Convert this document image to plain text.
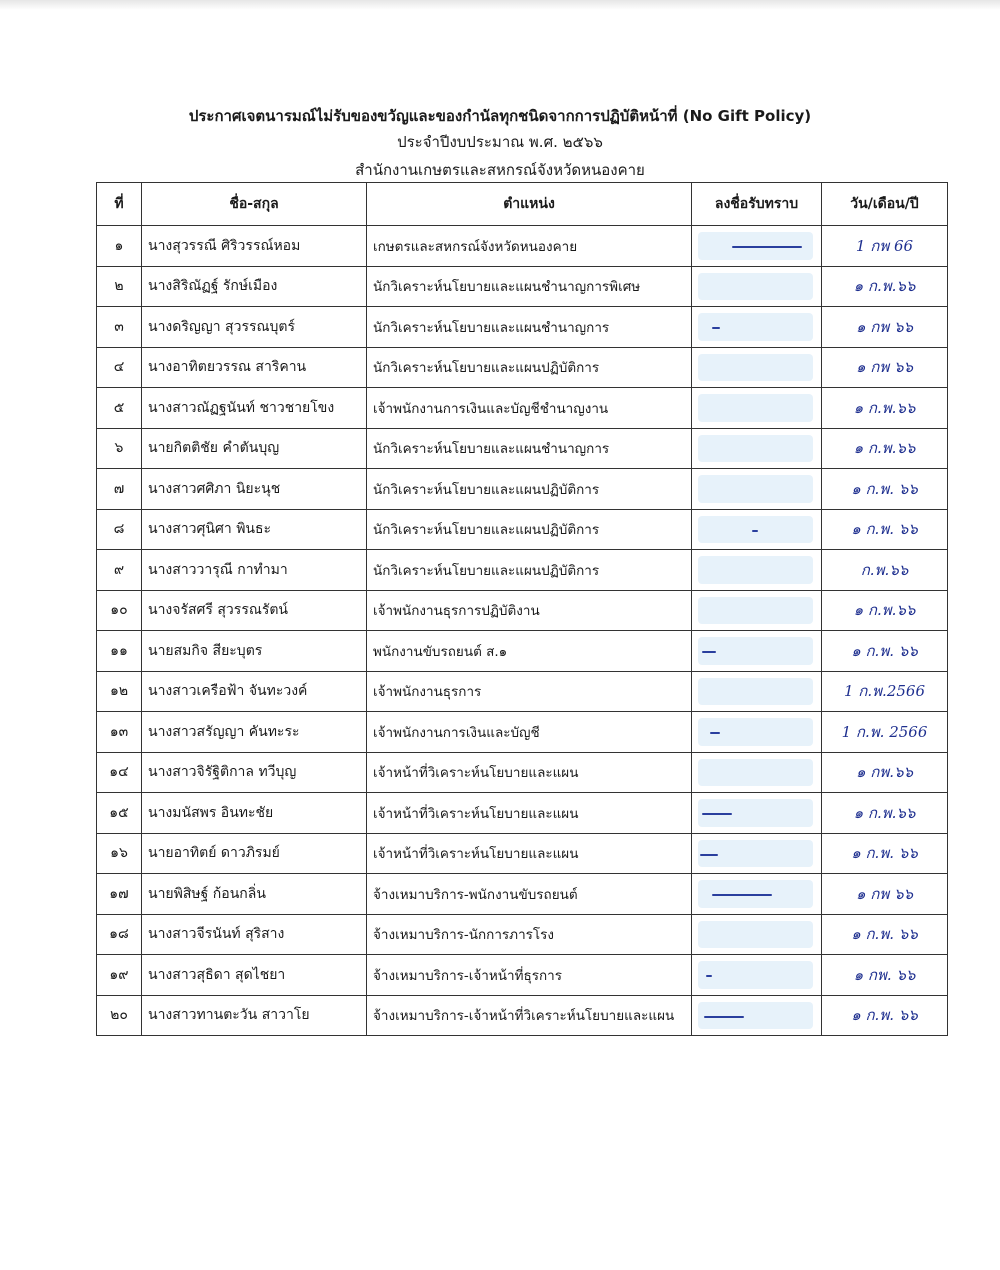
ประกาศเจตนารมณ์ไม่รับของขวัญและของกำนัลทุกชนิดจากการปฏิบัติหน้าที่ (No Gift Policy)
ประจำปีงบประมาณ พ.ศ. ๒๕๖๖
สำนักงานเกษตรและสหกรณ์จังหวัดหนองคาย
ที่	ชื่อ-สกุล	ตำแหน่ง	ลงชื่อรับทราบ	วัน/เดือน/ปี
๑	นางสุวรรณี ศิริวรรณ์หอม	เกษตรและสหกรณ์จังหวัดหนองคาย		1 กพ 66
๒	นางสิริณัฏฐ์ รักษ์เมือง	นักวิเคราะห์นโยบายและแผนชำนาญการพิเศษ		๑ ก.พ.๖๖
๓	นางดริญญา สุวรรณบุตร์	นักวิเคราะห์นโยบายและแผนชำนาญการ		๑ กพ ๖๖
๔	นางอาทิตยวรรณ สาริคาน	นักวิเคราะห์นโยบายและแผนปฏิบัติการ		๑ กพ ๖๖
๕	นางสาวณัฏฐนันท์ ชาวชายโขง	เจ้าพนักงานการเงินและบัญชีชำนาญงาน		๑ ก.พ.๖๖
๖	นายกิตติชัย คำตันบุญ	นักวิเคราะห์นโยบายและแผนชำนาญการ		๑ ก.พ.๖๖
๗	นางสาวศศิภา นิยะนุช	นักวิเคราะห์นโยบายและแผนปฏิบัติการ		๑ ก.พ. ๖๖
๘	นางสาวศุนิศา พินธะ	นักวิเคราะห์นโยบายและแผนปฏิบัติการ		๑ ก.พ. ๖๖
๙	นางสาววารุณี กาทำมา	นักวิเคราะห์นโยบายและแผนปฏิบัติการ		ก.พ.๖๖
๑๐	นางจรัสศรี สุวรรณรัตน์	เจ้าพนักงานธุรการปฏิบัติงาน		๑ ก.พ.๖๖
๑๑	นายสมกิจ สียะบุตร	พนักงานขับรถยนต์ ส.๑		๑ ก.พ. ๖๖
๑๒	นางสาวเครือฟ้า จันทะวงค์	เจ้าพนักงานธุรการ		1 ก.พ.2566
๑๓	นางสาวสรัญญา คันทะระ	เจ้าพนักงานการเงินและบัญชี		1 ก.พ. 2566
๑๔	นางสาวจิรัฐิติกาล ทวีบุญ	เจ้าหน้าที่วิเคราะห์นโยบายและแผน		๑ กพ.๖๖
๑๕	นางมนัสพร อินทะชัย	เจ้าหน้าที่วิเคราะห์นโยบายและแผน		๑ ก.พ.๖๖
๑๖	นายอาทิตย์ ดาวภิรมย์	เจ้าหน้าที่วิเคราะห์นโยบายและแผน		๑ ก.พ. ๖๖
๑๗	นายพิสิษฐ์ ก้อนกลิ่น	จ้างเหมาบริการ-พนักงานขับรถยนต์		๑ กพ ๖๖
๑๘	นางสาวจีรนันท์ สุริสาง	จ้างเหมาบริการ-นักการภารโรง		๑ ก.พ. ๖๖
๑๙	นางสาวสุธิดา สุดไชยา	จ้างเหมาบริการ-เจ้าหน้าที่ธุรการ		๑ กพ. ๖๖
๒๐	นางสาวทานตะวัน สาวาโย	จ้างเหมาบริการ-เจ้าหน้าที่วิเคราะห์นโยบายและแผน		๑ ก.พ. ๖๖
